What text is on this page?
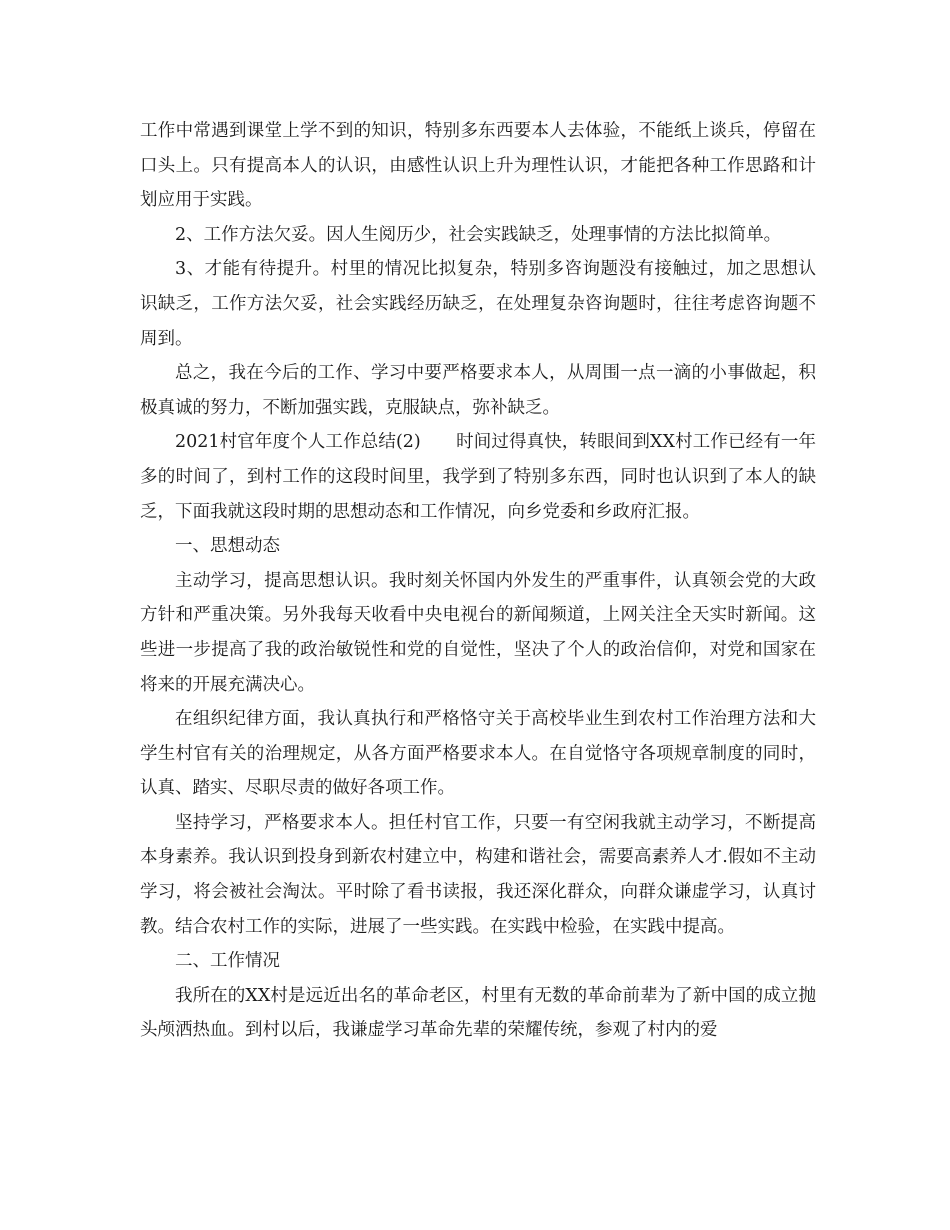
工作中常遇到课堂上学不到的知识，特别多东西要本人去体验，不能纸上谈兵，停留在口头上。只有提高本人的认识，由感性认识上升为理性认识，才能把各种工作思路和计划应用于实践。

2、工作方法欠妥。因人生阅历少，社会实践缺乏，处理事情的方法比拟简单。

3、才能有待提升。村里的情况比拟复杂，特别多咨询题没有接触过，加之思想认识缺乏，工作方法欠妥，社会实践经历缺乏，在处理复杂咨询题时，往往考虑咨询题不周到。

总之，我在今后的工作、学习中要严格要求本人，从周围一点一滴的小事做起，积极真诚的努力，不断加强实践，克服缺点，弥补缺乏。

2021村官年度个人工作总结(2)　　时间过得真快，转眼间到XX村工作已经有一年多的时间了，到村工作的这段时间里，我学到了特别多东西，同时也认识到了本人的缺乏，下面我就这段时期的思想动态和工作情况，向乡党委和乡政府汇报。

一、思想动态

主动学习，提高思想认识。我时刻关怀国内外发生的严重事件，认真领会党的大政方针和严重决策。另外我每天收看中央电视台的新闻频道，上网关注全天实时新闻。这些进一步提高了我的政治敏锐性和党的自觉性，坚决了个人的政治信仰，对党和国家在将来的开展充满决心。

在组织纪律方面，我认真执行和严格恪守关于高校毕业生到农村工作治理方法和大学生村官有关的治理规定，从各方面严格要求本人。在自觉恪守各项规章制度的同时，认真、踏实、尽职尽责的做好各项工作。

坚持学习，严格要求本人。担任村官工作，只要一有空闲我就主动学习，不断提高本身素养。我认识到投身到新农村建立中，构建和谐社会，需要高素养人才.假如不主动学习，将会被社会淘汰。平时除了看书读报，我还深化群众，向群众谦虚学习，认真讨教。结合农村工作的实际，进展了一些实践。在实践中检验，在实践中提高。

二、工作情况

我所在的XX村是远近出名的革命老区，村里有无数的革命前辈为了新中国的成立抛头颅洒热血。到村以后，我谦虚学习革命先辈的荣耀传统，参观了村内的爱
